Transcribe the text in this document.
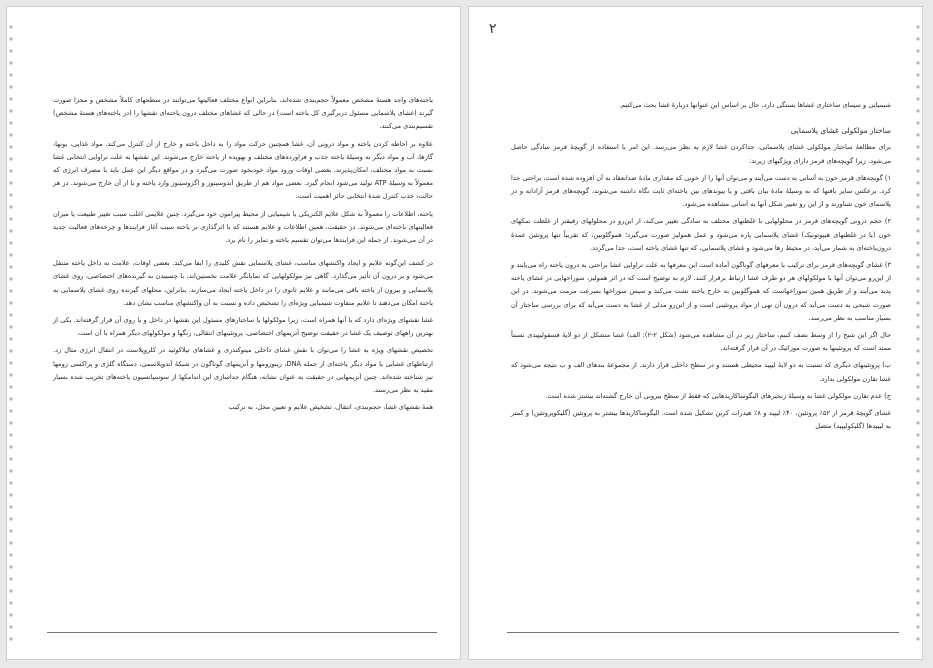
یاخته‌های واجد هستهٔ مشخص معمولاً حجم‌بندی شده‌اند، بنابراین انواع مختلف فعالیتها می‌توانند در سطحهای کاملاً مشخص و مجزا صورت گیرند (غشای پلاسمایی مسئول دربرگیری کل یاخته است) در حالی که غشاهای مختلف درون یاخته‌ای نقشها را (در یاخته‌های هستهٔ مشخص) تقسیم‌بندی می‌کنند.

علاوه بر احاطه کردن یاخته و مواد درونی آن، غشا همچنین حرکت مواد را به داخل یاخته و خارج از آن کنترل می‌کند. مواد غذایی، یونها، گازها، آب و مواد دیگر به وسیلهٔ یاخته جذب و فراورده‌های مختلف و بهویده از یاخته خارج می‌شوند. این نقشها به علت تراوایی انتخابی غشا نسبت به مواد مختلف، امکان‌پذیرند. بعضی اوقات ورود مواد خودبخود صورت می‌گیرد و در مواقع دیگر این عمل باید با مصرف انرژی که معمولاً به وسیلهٔ ATP تولید می‌شود انجام گیرد. بعضی مواد هم از طریق آندوسیتوز و اگزوسیتوز وارد یاخته و یا از آن خارج می‌شوند. در هر حالت، جذب کنترل شدهٔ انتخابی حائز اهمیت است.

یاخته، اطلاعات را معمولاً به شکل علایم الکتریکی یا شیمیایی از محیط پیرامون خود می‌گیرد. چنین علایمی اغلب سبب تغییر طبیعت یا میزان فعالیتهای یاخته‌ای می‌شوند. در حقیقت، همین اطلاعات و علایم هستند که با اثرگذاری بر یاخته سبب آغاز فرایندها و چرخه‌های فعالیت جدید در آن می‌شوند. از جمله این فرایندها می‌توان تقسیم یاخته و تمایز را نام برد.

در کشف این‌گونه علایم و ایجاد واکنشهای مناسب، غشای پلاسمایی نقش کلیدی را ایفا می‌کند. بعضی اوقات، علامت به داخل یاخته منتقل می‌شود و بر درون آن تأثیر می‌گذارد. گاهی نیز مولکولهایی که نمایانگر علامت نخستین‌اند، با چسبیدن به گیرنده‌های اختصاصی، روی غشای پلاسمایی و بیرون از یاخته باقی می‌مانند و علایم ثانوی را در داخل یاخته ایجاد می‌سازند. بنابراین، محلهای گیرنده روی غشای پلاسمایی به یاخته امکان می‌دهند تا علایم متفاوت شیمیایی ویژه‌ای را تشخیص داده و نسبت به آن واکنشهای مناسب نشان دهد.

غشا نقشهای ویژه‌ای دارد که با آنها همراه است، زیرا مولکولها یا ساختارهای مسئول این نقشها در داخل و یا روی آن قرار گرفته‌اند. یکی از بهترین راههای توصیف یک غشا در حقیقت توضیح آنزیمهای اختصاصی، پروتئینهای انتقالی، رنگها و مولکولهای دیگر همراه با آن است.

تخصیص نقشهای ویژه به غشا را می‌توان با نقش غشای داخلی میتوکندری و غشاهای تیلاکوئید در کلروپلاست در انتقال انرژی مثال زد. ارتباطهای غشایی با مواد دیگر یاخته‌ای از جمله DNA، ریبوزومها و آنزیمهای گوناگون در شبکهٔ آندوپلاسمی، دستگاه گلژی و پراکسی زومها نیز شناخته شده‌اند. چنین آنزیمهایی در حقیقت به عنوان نشانه، هنگام جداسازی این اندامکها از سوسپانسیون یاخته‌های تخریب شده بسیار مفید به نظر می‌رسند.

همهٔ نقشهای غشا، حجم‌بندی، انتقال، تشخیص علایم و تعیین محل، به ترکیب

۲

شیمیایی و سیمای ساختاری غشاها بستگی دارد. حال بر اساس این عنوانها دربارهٔ غشا بحث می‌کنیم.

ساختار مولکولی غشای پلاسمایی

برای مطالعهٔ ساختار مولکولی غشای پلاسمایی، جداکردن غشا لازم به نظر می‌رسد. این امر با استفاده از گویچهٔ قرمز سادگی حاصل می‌شود، زیرا گویچه‌های قرمز دارای ویژگیهای زیرند:

۱) گویچه‌های قرمز خون به آسانی به دست می‌آیند و می‌توان آنها را از خونی که مقداری مادهٔ ضدانعقاد به آن افزوده شده است، براحتی جدا کرد. برعکس سایر بافتها که به وسیلهٔ مادهٔ بیان باقتی و یا پیوندهای بین یاخته‌ای ثابت نگاه داشته می‌شوند، گویچه‌های قرمز آزادانه و در پلاسمای خون شناورند و از این رو تغییر شکل آنها به آسانی مشاهده می‌شود.

۲) حجم درونی گویچه‌های قرمز در محلولهایی با غلظتهای مختلف به سادگی تغییر می‌کند، از این‌رو در محلولهای رقیقتر از غلظت نمکهای خون (یا در غلظتهای هیپوتونیک) غشای پلاسمایی پاره می‌شود و عمل همولیز صورت می‌گیرد؛ هموگلوبین، که تقریباً تنها پروتئین عمدهٔ درون‌یاخته‌ای به شمار می‌آید، در محیط رها می‌شود و غشای پلاسمایی، که تنها غشای یاخته است، جدا می‌گردد.

۳) غشای گویچه‌های قرمز برای ترکیب با معرفهای گوناگون آماده است این معرفها به علت تراوایی غشا براحتی به درون یاخته راه می‌یابند و از این‌رو می‌توان آنها با مولکولهای هر دو طرف غشا ارتباط برقرار کنند. لازم به توضیح است که در اثر همولیز، سوراخهایی در غشای یاخته پدید می‌آیند و از طریق همین سوراخهاست که هموگلوبین به خارج یاخته نشت می‌کند و سپس سوراخها بسرعت مرمت می‌شوند. در این صورت شبحی به دست می‌آید که درون آن تهی از مواد پروتئینی است و از این‌رو مدلی از غشا به دست می‌آید که برای بررسی ساختار آن بسیار مناسب به نظر می‌رسد.

حال اگر این شبح را از وسط نصف کنیم، ساختار زیر در آن مشاهده می‌شود (شکل ۲-۲): الف) غشا متشکل از دو لایهٔ فسفولیپیدی نسبتاً ممتد است که پروتئینها به صورت موزائیک در آن قرار گرفته‌اند.

ب) پروتئینهای دیگری که نسبت به دو لایهٔ لیپید محیطی هستند و در سطح داخلی قرار دارند. از مجموعهٔ بندهای الف و ب نتیجه می‌شود که غشا تقارن مولکولی ندارد.

ج) عدم تقارن مولکولی غشا به وسیلهٔ زنجیرهای الیگوساکاریدهایی که فقط از سطح بیرونی آن خارج گشته‌اند بیشتر شده است.

غشای گویچهٔ قرمز از ۵۲٪ پروتئین، ۴۰٪ لیپید و ۸٪ هیدرات کربن تشکیل شده است. الیگوساکاریدها بیشتر به پروتئین (گلیکوپروتئین) و کمتر به لیپیدها (گلیکولیپید) متصل
